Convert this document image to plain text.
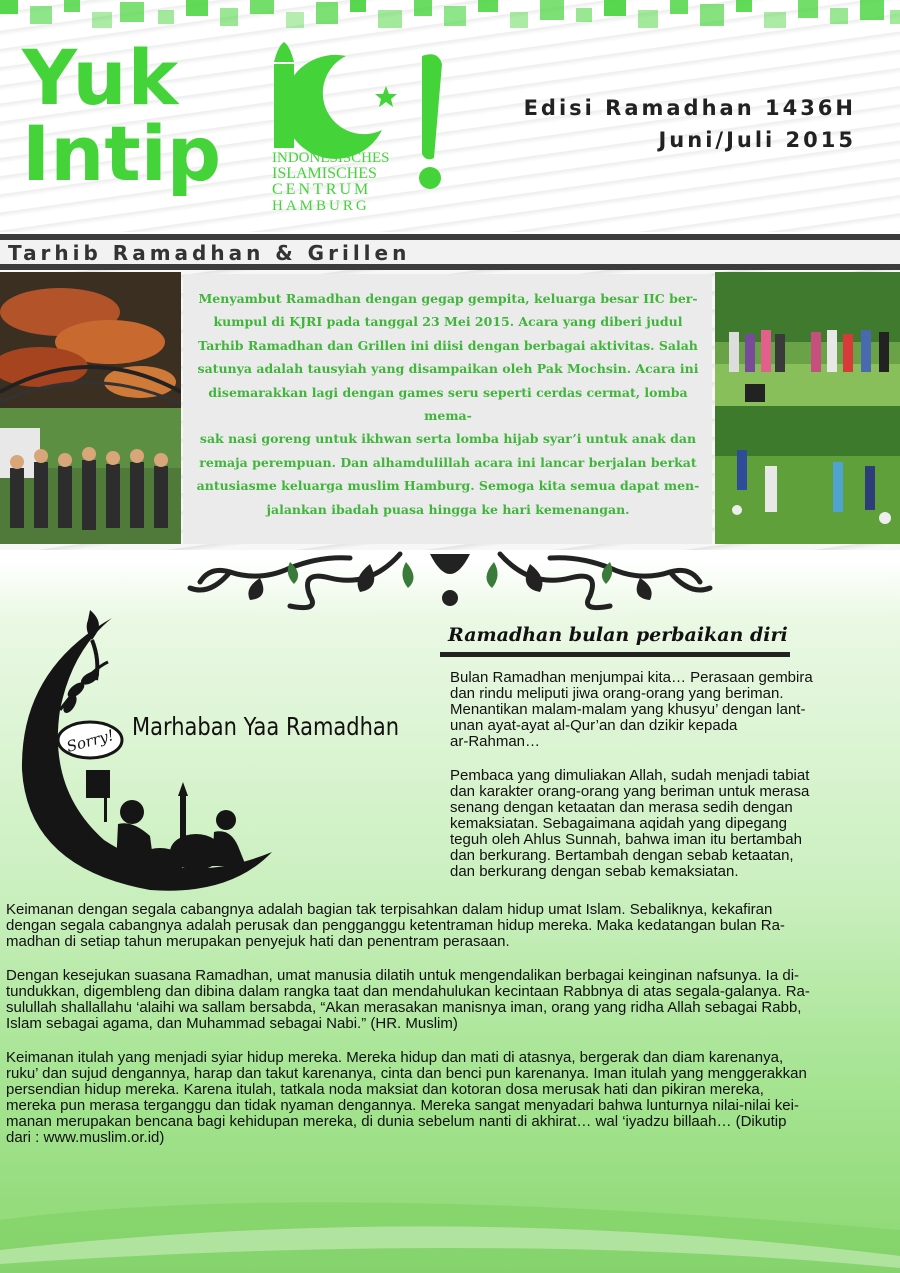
Yuk
Intip	INDONESISCHES
ISLAMISCHES
CENTRUM
HAMBURG
Edisi Ramadhan 1436H
Juni/Juli 2015
Tarhib Ramadhan & Grillen
Menyambut Ramadhan dengan gegap gempita, keluarga besar IIC ber-
kumpul di KJRI pada tanggal 23 Mei 2015. Acara yang diberi judul
Tarhib Ramadhan dan Grillen ini diisi dengan berbagai aktivitas. Salah
satunya adalah tausyiah yang disampaikan oleh Pak Mochsin. Acara ini
disemarakkan lagi dengan games seru seperti cerdas cermat, lomba mema-
sak nasi goreng untuk ikhwan serta lomba hijab syar’i untuk anak dan
remaja perempuan. Dan alhamdulillah acara ini lancar berjalan berkat
antusiasme keluarga muslim Hamburg. Semoga kita semua dapat men-
jalankan ibadah puasa hingga ke hari kemenangan.
Sorry! Marhaban Yaa Ramadhan
Ramadhan bulan perbaikan diri

Bulan Ramadhan menjumpai kita… Perasaan gembira
dan rindu meliputi jiwa orang-orang yang beriman.
Menantikan malam-malam yang khusyu’ dengan lant-
unan ayat-ayat al-Qur’an dan dzikir kepada
ar-Rahman…

Pembaca yang dimuliakan Allah, sudah menjadi tabiat
dan karakter orang-orang yang beriman untuk merasa
senang dengan ketaatan dan merasa sedih dengan
kemaksiatan. Sebagaimana aqidah yang dipegang
teguh oleh Ahlus Sunnah, bahwa iman itu bertambah
dan berkurang. Bertambah dengan sebab ketaatan,
dan berkurang dengan sebab kemaksiatan.

Keimanan dengan segala cabangnya adalah bagian tak terpisahkan dalam hidup umat Islam. Sebaliknya, kekafiran
dengan segala cabangnya adalah perusak dan pengganggu ketentraman hidup mereka. Maka kedatangan bulan Ra-
madhan di setiap tahun merupakan penyejuk hati dan penentram perasaan.

Dengan kesejukan suasana Ramadhan, umat manusia dilatih untuk mengendalikan berbagai keinginan nafsunya. Ia di-
tundukkan, digembleng dan dibina dalam rangka taat dan mendahulukan kecintaan Rabbnya di atas segala-galanya. Ra-
sulullah shallallahu ‘alaihi wa sallam bersabda, “Akan merasakan manisnya iman, orang yang ridha Allah sebagai Rabb,
Islam sebagai agama, dan Muhammad sebagai Nabi.” (HR. Muslim)

Keimanan itulah yang menjadi syiar hidup mereka. Mereka hidup dan mati di atasnya, bergerak dan diam karenanya,
ruku’ dan sujud dengannya, harap dan takut karenanya, cinta dan benci pun karenanya. Iman itulah yang menggerakkan
persendian hidup mereka. Karena itulah, tatkala noda maksiat dan kotoran dosa merusak hati dan pikiran mereka,
mereka pun merasa terganggu dan tidak nyaman dengannya. Mereka sangat menyadari bahwa lunturnya nilai-nilai kei-
manan merupakan bencana bagi kehidupan mereka, di dunia sebelum nanti di akhirat… wal ‘iyadzu billaah… (Dikutip
dari : www.muslim.or.id)
